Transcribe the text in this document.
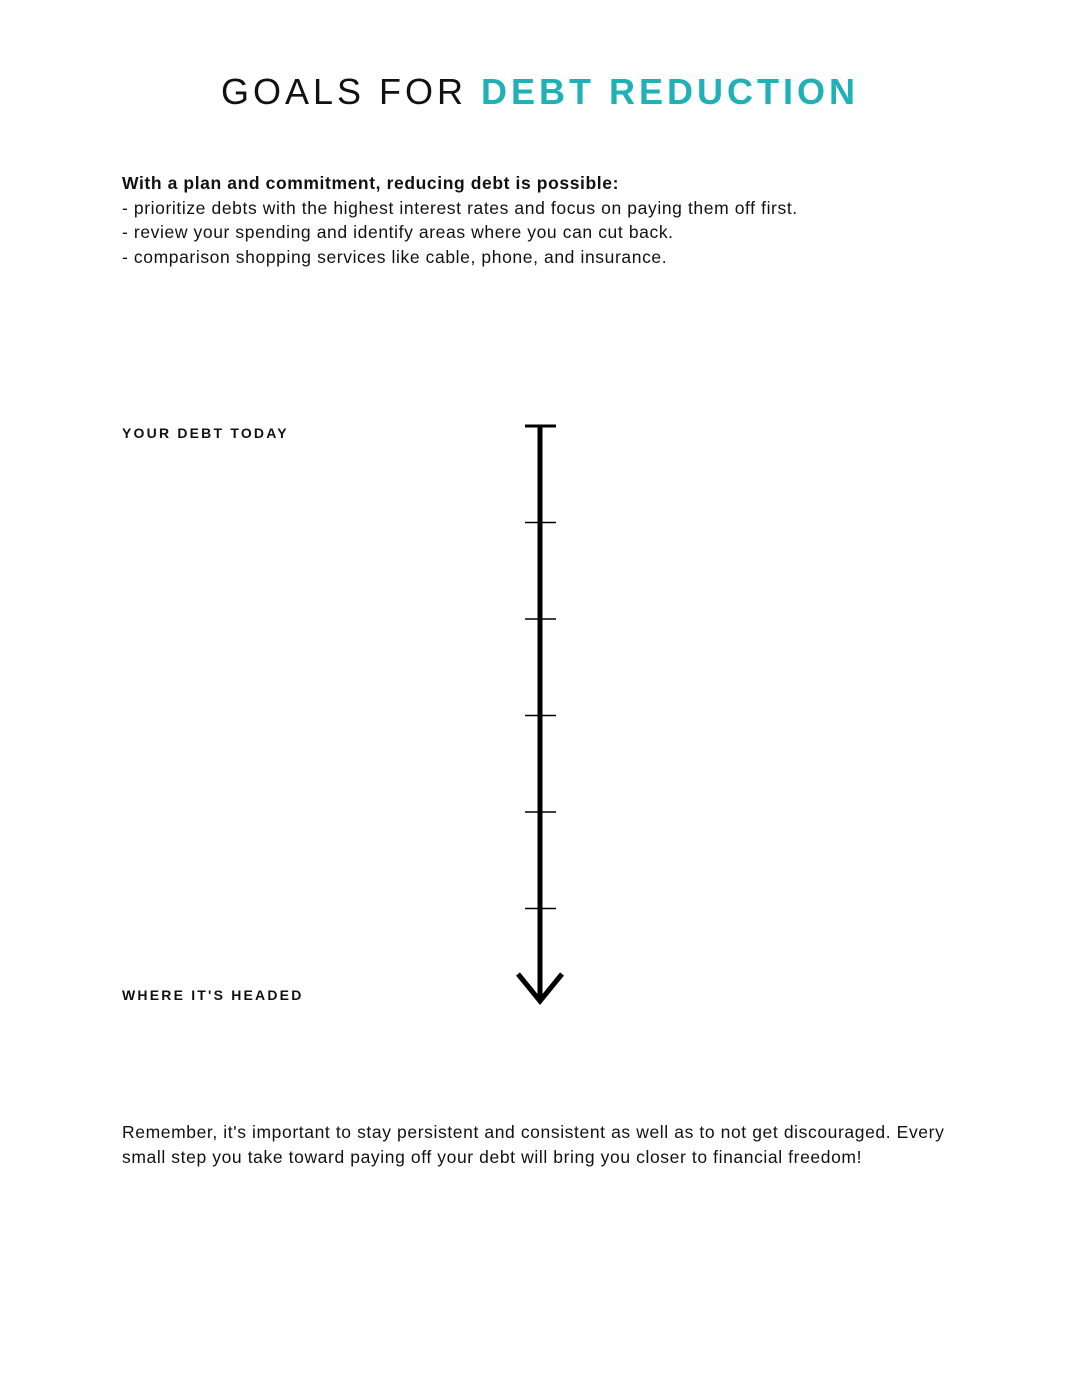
GOALS FOR DEBT REDUCTION
With a plan and commitment, reducing debt is possible:
- prioritize debts with the highest interest rates and focus on paying them off first.
- review your spending and identify areas where you can cut back.
- comparison shopping services like cable, phone, and insurance.
YOUR DEBT TODAY
WHERE IT'S HEADED
Remember, it's important to stay persistent and consistent as well as to not get discouraged. Every small step you take toward paying off your debt will bring you closer to financial freedom!
